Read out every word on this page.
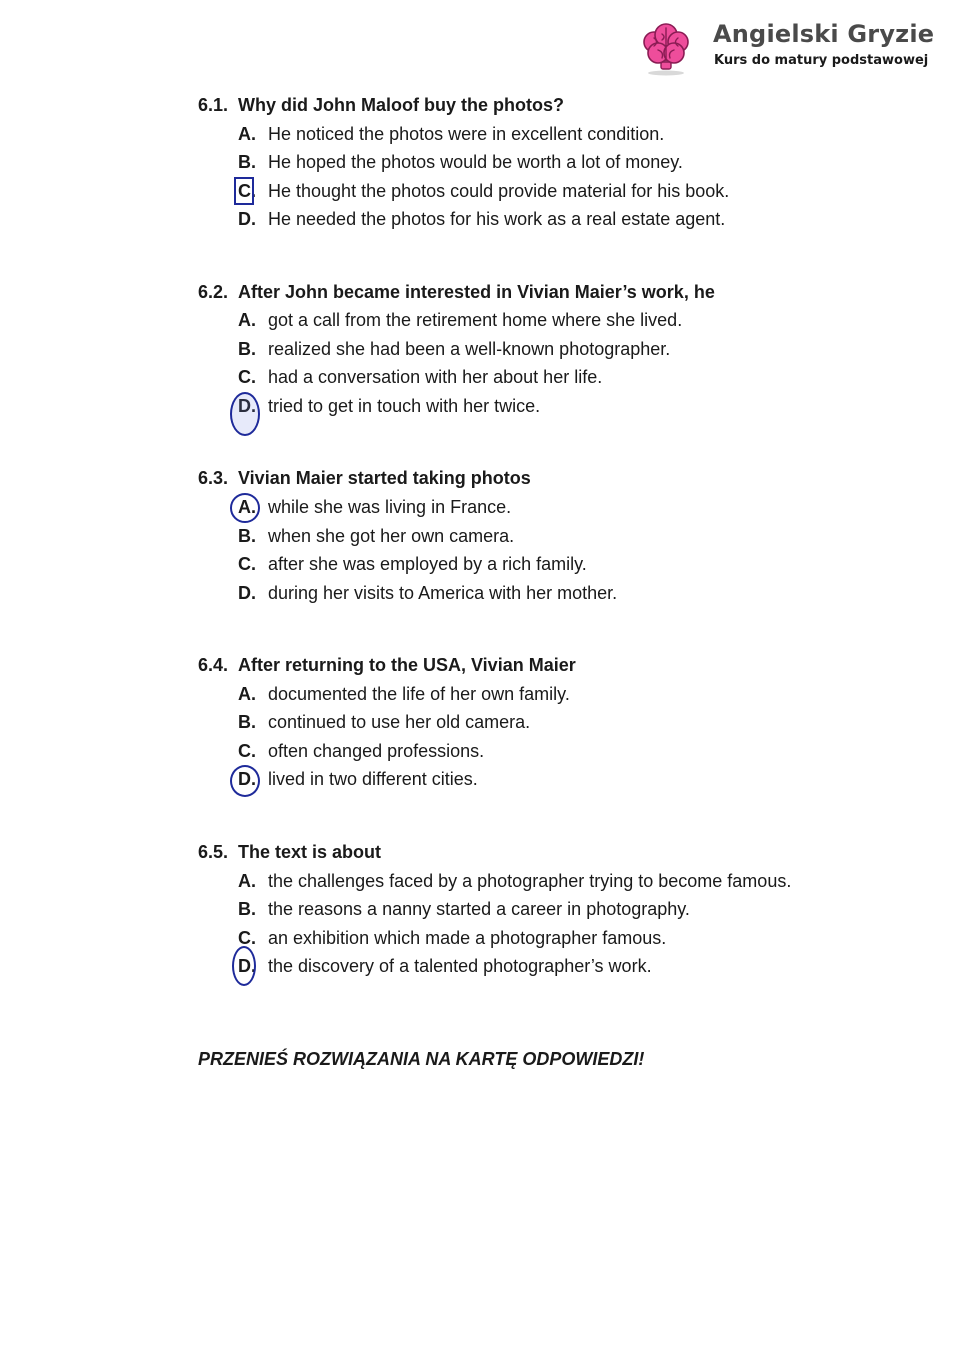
Angielski Gryzie
Kurs do matury podstawowej
6.1. Why did John Maloof buy the photos?
A. He noticed the photos were in excellent condition.
B. He hoped the photos would be worth a lot of money.
C. He thought the photos could provide material for his book.
D. He needed the photos for his work as a real estate agent.
6.2. After John became interested in Vivian Maier’s work, he
A. got a call from the retirement home where she lived.
B. realized she had been a well-known photographer.
C. had a conversation with her about her life.
D. tried to get in touch with her twice.
6.3. Vivian Maier started taking photos
A. while she was living in France.
B. when she got her own camera.
C. after she was employed by a rich family.
D. during her visits to America with her mother.
6.4. After returning to the USA, Vivian Maier
A. documented the life of her own family.
B. continued to use her old camera.
C. often changed professions.
D. lived in two different cities.
6.5. The text is about
A. the challenges faced by a photographer trying to become famous.
B. the reasons a nanny started a career in photography.
C. an exhibition which made a photographer famous.
D. the discovery of a talented photographer’s work.
PRZENIEŚ ROZWIĄZANIA NA KARTĘ ODPOWIEDZI!
